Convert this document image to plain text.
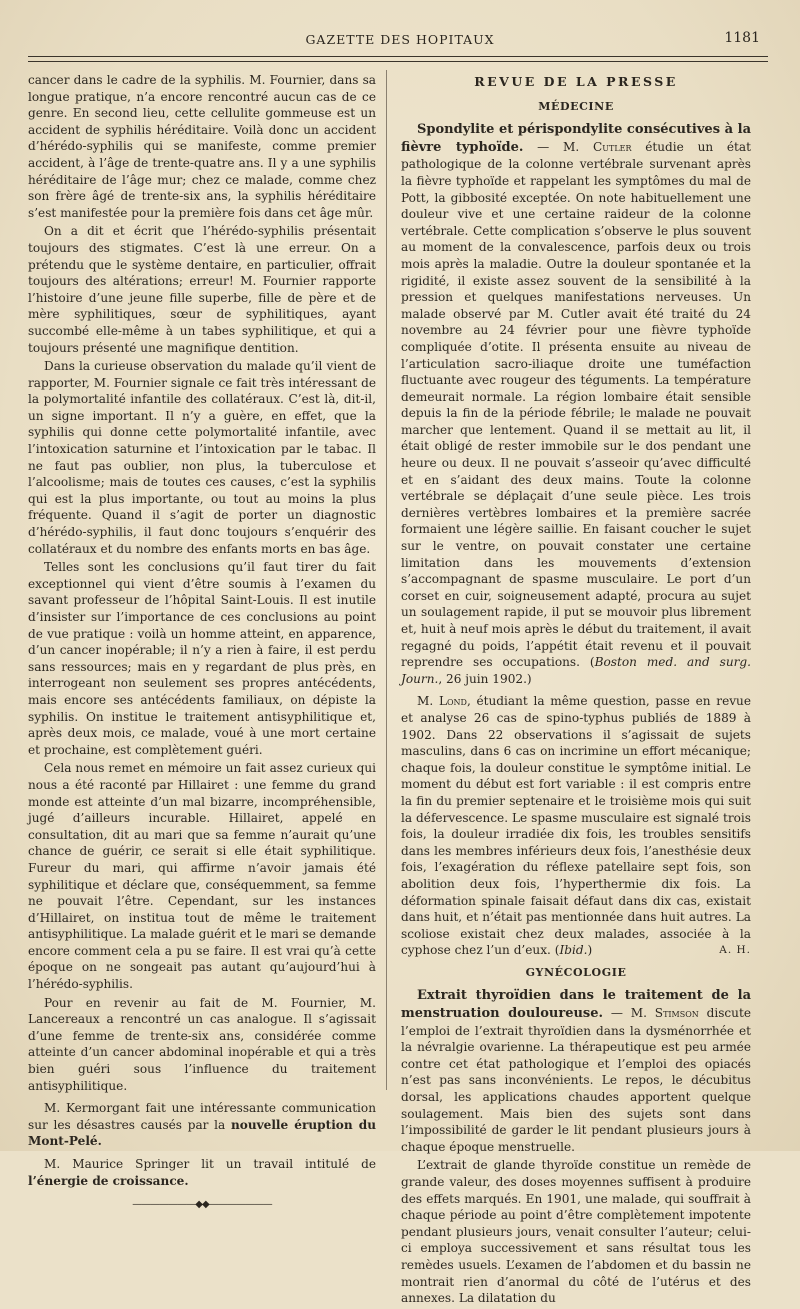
GAZETTE DES HOPITAUX	1181

cancer dans le cadre de la syphilis. M. Fournier, dans sa longue pratique, n’a encore rencontré aucun cas de ce genre. En second lieu, cette cellulite gommeuse est un accident de syphilis héréditaire. Voilà donc un accident d’hérédo-syphilis qui se manifeste, comme premier accident, à l’âge de trente-quatre ans. Il y a une syphilis héréditaire de l’âge mur; chez ce malade, comme chez son frère âgé de trente-six ans, la syphilis héréditaire s’est manifestée pour la première fois dans cet âge mûr.

On a dit et écrit que l’hérédo-syphilis présentait toujours des stigmates. C’est là une erreur. On a prétendu que le système dentaire, en particulier, offrait toujours des altérations; erreur! M. Fournier rapporte l’histoire d’une jeune fille superbe, fille de père et de mère syphilitiques, sœur de syphilitiques, ayant succombé elle-même à un tabes syphilitique, et qui a toujours présenté une magnifique dentition.

Dans la curieuse observation du malade qu’il vient de rapporter, M. Fournier signale ce fait très intéressant de la polymortalité infantile des collatéraux. C’est là, dit-il, un signe important. Il n’y a guère, en effet, que la syphilis qui donne cette polymortalité infantile, avec l’intoxication saturnine et l’intoxication par le tabac. Il ne faut pas oublier, non plus, la tuberculose et l’alcoolisme; mais de toutes ces causes, c’est la syphilis qui est la plus importante, ou tout au moins la plus fréquente. Quand il s’agit de porter un diagnostic d’hérédo-syphilis, il faut donc toujours s’enquérir des collatéraux et du nombre des enfants morts en bas âge.

Telles sont les conclusions qu’il faut tirer du fait exceptionnel qui vient d’être soumis à l’examen du savant professeur de l’hôpital Saint-Louis. Il est inutile d’insister sur l’importance de ces conclusions au point de vue pratique : voilà un homme atteint, en apparence, d’un cancer inopérable; il n’y a rien à faire, il est perdu sans ressources; mais en y regardant de plus près, en interrogeant non seulement ses propres antécédents, mais encore ses antécédents familiaux, on dépiste la syphilis. On institue le traitement antisyphilitique et, après deux mois, ce malade, voué à une mort certaine et prochaine, est complètement guéri.

Cela nous remet en mémoire un fait assez curieux qui nous a été raconté par Hillairet : une femme du grand monde est atteinte d’un mal bizarre, incompréhensible, jugé d’ailleurs incurable. Hillairet, appelé en consultation, dit au mari que sa femme n’aurait qu’une chance de guérir, ce serait si elle était syphilitique. Fureur du mari, qui affirme n’avoir jamais été syphilitique et déclare que, conséquemment, sa femme ne pouvait l’être. Cependant, sur les instances d’Hillairet, on institua tout de même le traitement antisyphilitique. La malade guérit et le mari se demande encore comment cela a pu se faire. Il est vrai qu’à cette époque on ne songeait pas autant qu’aujourd’hui à l’hérédo-syphilis.

Pour en revenir au fait de M. Fournier, M. Lancereaux a rencontré un cas analogue. Il s’agissait d’une femme de trente-six ans, considérée comme atteinte d’un cancer abdominal inopérable et qui a très bien guéri sous l’influence du traitement antisyphilitique.

M. Kermorgant fait une intéressante communication sur les désastres causés par la nouvelle éruption du Mont-Pelé.

M. Maurice Springer lit un travail intitulé de l’énergie de croissance.

———————◆◆———————
REVUE DE LA PRESSE
MÉDECINE

Spondylite et périspondylite consécutives à la fièvre typhoïde. — M. Cutler étudie un état pathologique de la colonne vertébrale survenant après la fièvre typhoïde et rappelant les symptômes du mal de Pott, la gibbosité exceptée. On note habituellement une douleur vive et une certaine raideur de la colonne vertébrale. Cette complication s’observe le plus souvent au moment de la convalescence, parfois deux ou trois mois après la maladie. Outre la douleur spontanée et la rigidité, il existe assez souvent de la sensibilité à la pression et quelques manifestations nerveuses. Un malade observé par M. Cutler avait été traité du 24 novembre au 24 février pour une fièvre typhoïde compliquée d’otite. Il présenta ensuite au niveau de l’articulation sacro-iliaque droite une tuméfaction fluctuante avec rougeur des téguments. La température demeurait normale. La région lombaire était sensible depuis la fin de la période fébrile; le malade ne pouvait marcher que lentement. Quand il se mettait au lit, il était obligé de rester immobile sur le dos pendant une heure ou deux. Il ne pouvait s’asseoir qu’avec difficulté et en s’aidant des deux mains. Toute la colonne vertébrale se déplaçait d’une seule pièce. Les trois dernières vertèbres lombaires et la première sacrée formaient une légère saillie. En faisant coucher le sujet sur le ventre, on pouvait constater une certaine limitation dans les mouvements d’extension s’accompagnant de spasme musculaire. Le port d’un corset en cuir, soigneusement adapté, procura au sujet un soulagement rapide, il put se mouvoir plus librement et, huit à neuf mois après le début du traitement, il avait regagné du poids, l’appétit était revenu et il pouvait reprendre ses occupations. (Boston med. and surg. Journ., 26 juin 1902.)

M. Lond, étudiant la même question, passe en revue et analyse 26 cas de spino-typhus publiés de 1889 à 1902. Dans 22 observations il s’agissait de sujets masculins, dans 6 cas on incrimine un effort mécanique; chaque fois, la douleur constitue le symptôme initial. Le moment du début est fort variable : il est compris entre la fin du premier septenaire et le troisième mois qui suit la défervescence. Le spasme musculaire est signalé trois fois, la douleur irradiée dix fois, les troubles sensitifs dans les membres inférieurs deux fois, l’anesthésie deux fois, l’exagération du réflexe patellaire sept fois, son abolition deux fois, l’hyperthermie dix fois. La déformation spinale faisait défaut dans dix cas, existait dans huit, et n’était pas mentionnée dans huit autres. La scoliose existait chez deux malades, associée à la cyphose chez l’un d’eux. (Ibid.)	A. H.

GYNÉCOLOGIE

Extrait thyroïdien dans le traitement de la menstruation douloureuse. — M. Stimson discute l’emploi de l’extrait thyroïdien dans la dysménorrhée et la névralgie ovarienne. La thérapeutique est peu armée contre cet état pathologique et l’emploi des opiacés n’est pas sans inconvénients. Le repos, le décubitus dorsal, les applications chaudes apportent quelque soulagement. Mais bien des sujets sont dans l’impossibilité de garder le lit pendant plusieurs jours à chaque époque menstruelle.

L’extrait de glande thyroïde constitue un remède de grande valeur, des doses moyennes suffisent à produire des effets marqués. En 1901, une malade, qui souffrait à chaque période au point d’être complètement impotente pendant plusieurs jours, venait consulter l’auteur; celui-ci employa successivement et sans résultat tous les remèdes usuels. L’examen de l’abdomen et du bassin ne montrait rien d’anormal du côté de l’utérus et des annexes. La dilatation du
